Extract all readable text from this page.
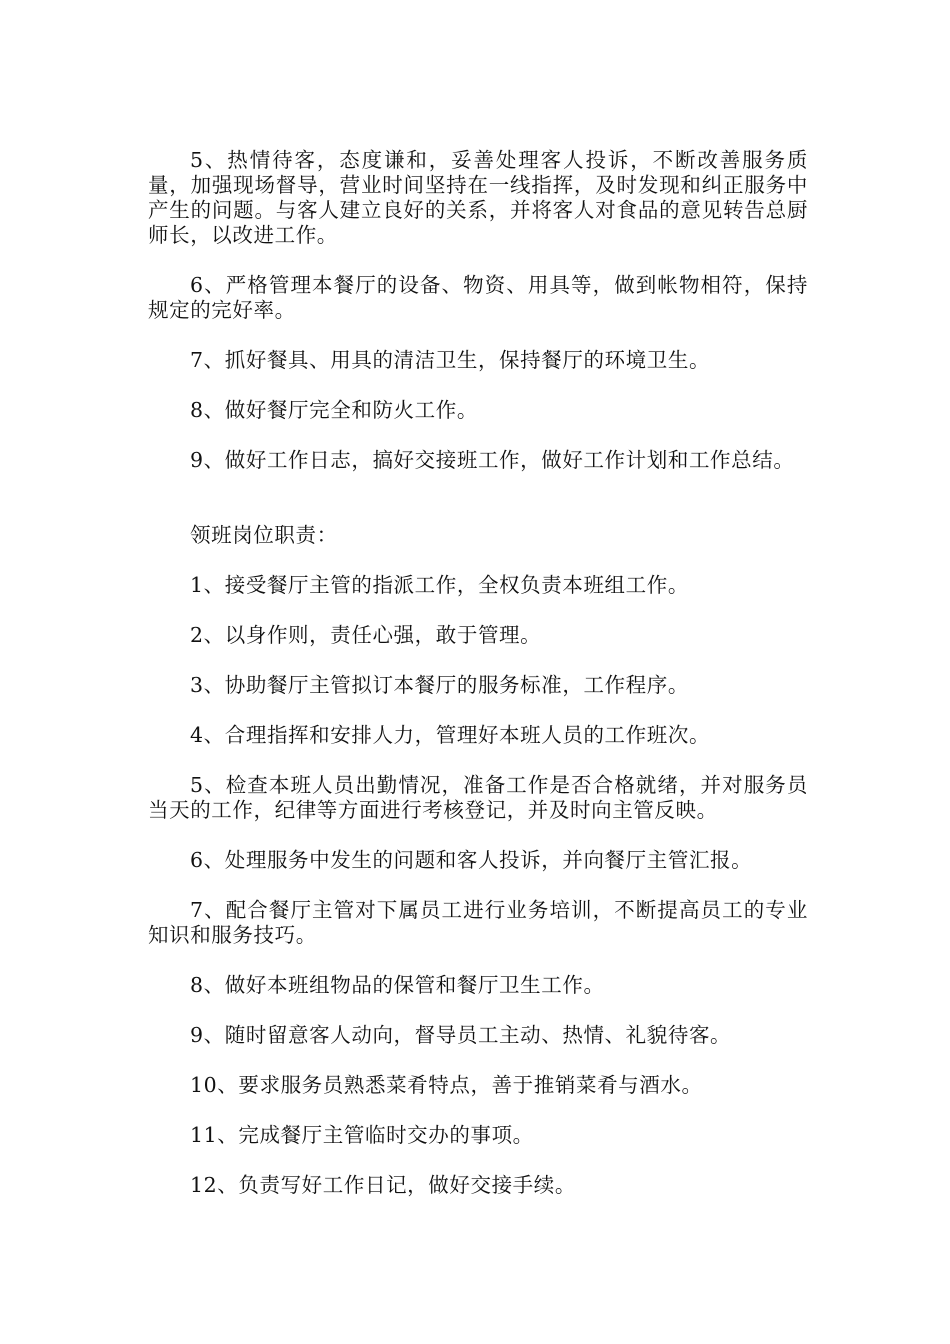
5、热情待客，态度谦和，妥善处理客人投诉，不断改善服务质量，加强现场督导，营业时间坚持在一线指挥，及时发现和纠正服务中产生的问题。与客人建立良好的关系，并将客人对食品的意见转告总厨师长，以改进工作。

6、严格管理本餐厅的设备、物资、用具等，做到帐物相符，保持规定的完好率。

7、抓好餐具、用具的清洁卫生，保持餐厅的环境卫生。

8、做好餐厅完全和防火工作。

9、做好工作日志，搞好交接班工作，做好工作计划和工作总结。

领班岗位职责：

1、接受餐厅主管的指派工作，全权负责本班组工作。

2、以身作则，责任心强，敢于管理。

3、协助餐厅主管拟订本餐厅的服务标准，工作程序。

4、合理指挥和安排人力，管理好本班人员的工作班次。

5、检查本班人员出勤情况，准备工作是否合格就绪，并对服务员当天的工作，纪律等方面进行考核登记，并及时向主管反映。

6、处理服务中发生的问题和客人投诉，并向餐厅主管汇报。

7、配合餐厅主管对下属员工进行业务培训，不断提高员工的专业知识和服务技巧。

8、做好本班组物品的保管和餐厅卫生工作。

9、随时留意客人动向，督导员工主动、热情、礼貌待客。

10、要求服务员熟悉菜肴特点，善于推销菜肴与酒水。

11、完成餐厅主管临时交办的事项。

12、负责写好工作日记，做好交接手续。
